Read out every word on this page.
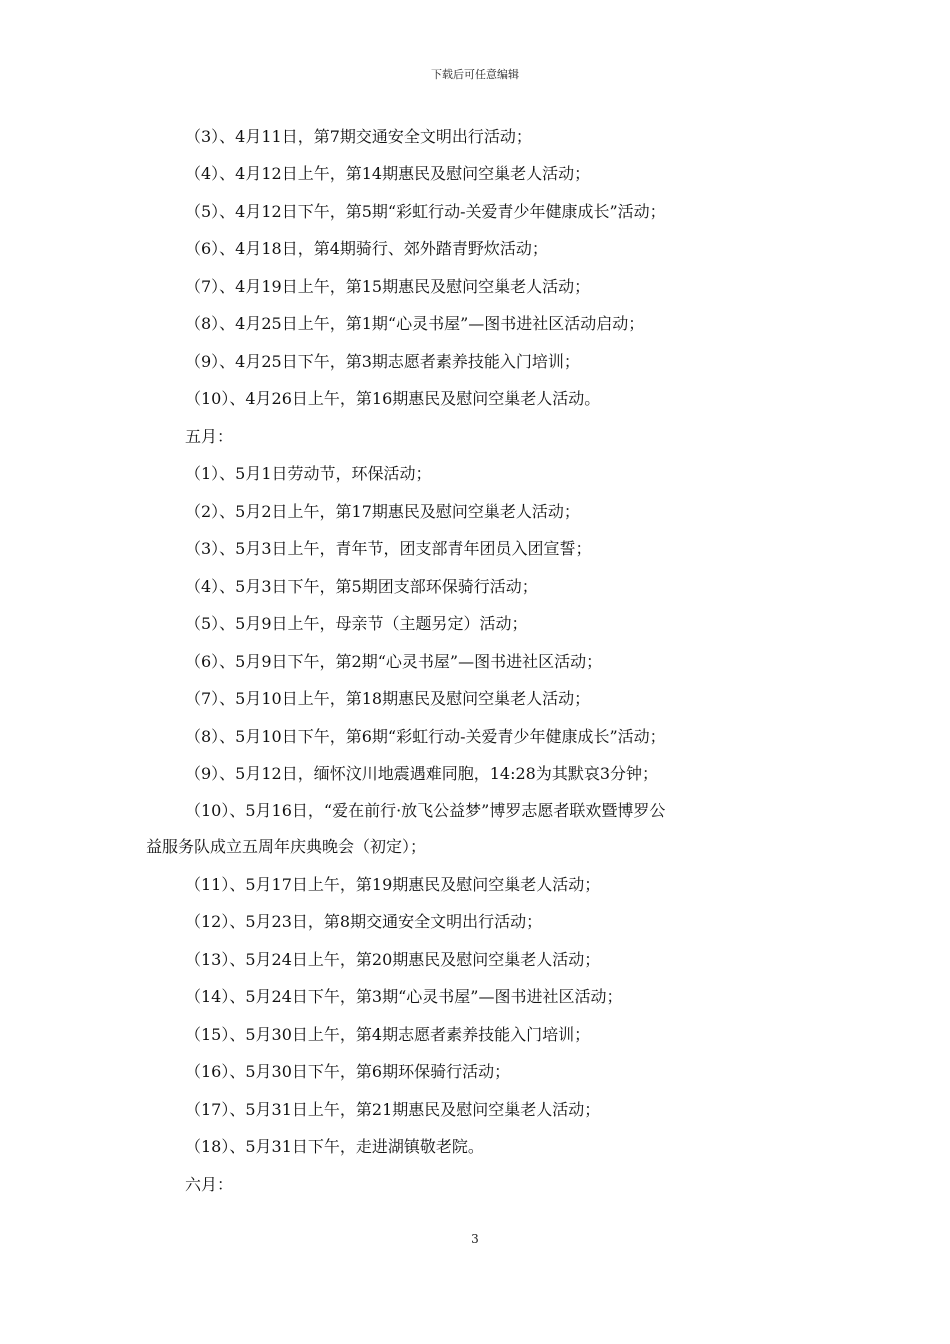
下载后可任意编辑
（3）、4月11日，第7期交通安全文明出行活动；
（4）、4月12日上午，第14期惠民及慰问空巢老人活动；
（5）、4月12日下午，第5期“彩虹行动-关爱青少年健康成长”活动；
（6）、4月18日，第4期骑行、郊外踏青野炊活动；
（7）、4月19日上午，第15期惠民及慰问空巢老人活动；
（8）、4月25日上午，第1期“心灵书屋”—图书进社区活动启动；
（9）、4月25日下午，第3期志愿者素养技能入门培训；
（10）、4月26日上午，第16期惠民及慰问空巢老人活动。
五月：
（1）、5月1日劳动节，环保活动；
（2）、5月2日上午，第17期惠民及慰问空巢老人活动；
（3）、5月3日上午，青年节，团支部青年团员入团宣誓；
（4）、5月3日下午，第5期团支部环保骑行活动；
（5）、5月9日上午，母亲节（主题另定）活动；
（6）、5月9日下午，第2期“心灵书屋”—图书进社区活动；
（7）、5月10日上午，第18期惠民及慰问空巢老人活动；
（8）、5月10日下午，第6期“彩虹行动-关爱青少年健康成长”活动；
（9）、5月12日，缅怀汶川地震遇难同胞，14:28为其默哀3分钟；
（10）、5月16日，“爱在前行·放飞公益梦”博罗志愿者联欢暨博罗公
益服务队成立五周年庆典晚会（初定）；
（11）、5月17日上午，第19期惠民及慰问空巢老人活动；
（12）、5月23日，第8期交通安全文明出行活动；
（13）、5月24日上午，第20期惠民及慰问空巢老人活动；
（14）、5月24日下午，第3期“心灵书屋”—图书进社区活动；
（15）、5月30日上午，第4期志愿者素养技能入门培训；
（16）、5月30日下午，第6期环保骑行活动；
（17）、5月31日上午，第21期惠民及慰问空巢老人活动；
（18）、5月31日下午，走进湖镇敬老院。
六月：
3
